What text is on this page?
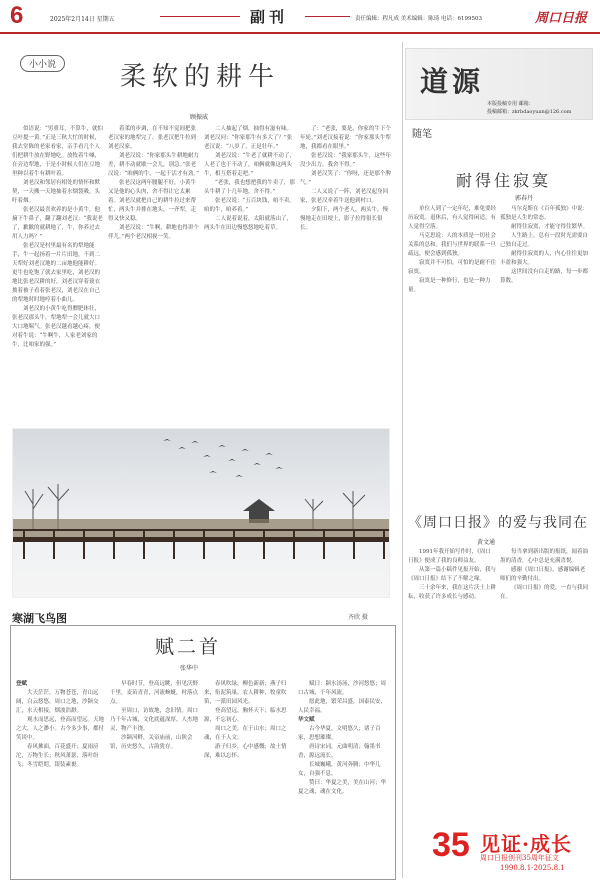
6	2025年2月14日 星期五	副刊	责任编辑：程凡成 美术编辑：陈琦 电话：6199503	周口日报
小小说	柔软的耕牛
顾振威

似语说：“男重耳，不算牛，就怕豆叶提一黄。”正是三秋大忙的时候，我去堂陈的老家看家，亲手看几个人们把耕牛放在野地吃。放牧着牛嗓，在旁边犁地，于是小时候人们在豆地里种以着牛有耕叶着。

刘老汉和邻居有相处的情怀和默契，一天搬一天地抽着水烟袋吸，头吁着烟。

张老汉最喜欢养的是小黄牛，他摘下牛鼻子，翻了翻刘老汉：“我说老了，歉歉的就耕地了，牛，你养过去用人力吗？”

张老汉是村里最有名的犁地能手，牛一起扬着一片片田地，不到二天犁好刘老汉地的二亩地他能耕好。更牛也吃饱了就去家里吃，刘老汉的地比张老汉耕的好，刘老汉穿着蓑衣披着被子看着张老汉，刘老汉在自己的犁地时时地哼着小曲儿。

刘老汉的小黄牛吃得膘肥体壮，张老汉那头牛，犁地犁一会儿就大口大口地喘气。张老汉越看越心疼，便对着牛说：“牛啊牛，人家老刘家的牛，比咱家的强。”

着柔的步调，在不知不觉间把张老汉家的地犁完了。张老汉把牛拉到刘老汉家。

刘老汉说：“你家那头牛耕地耐力差，耕不动就歇一会儿，别急。”张老汉说：“咱俩的牛，一起干活才有劲。”

张老汉这两年腰腿不好，小黄牛又是他的心头肉，舍不得让它太累着。刘老汉就把自己的耕牛拉过来帮忙，两头牛并排在地头，一齐犁，走得又快又稳。

刘老汉说：“牛啊，耕地也得讲个伴儿。”两个老汉相视一笑。

二人抽起了烟，抽得有滋有味。刘老汉问：“你家那牛有多大了？”张老汉说：“八岁了，正是壮年。”

刘老汉说：“牛老了就耕不动了，人老了也干不动了，咱俩就像这两头牛，相互搭着走吧。”

“老张，我也想把我的牛卖了，那头牛耕了十几年地，舍不得。”

张老汉说：“五百块钱，咱不卖。咱的牛，咱养着。”

二人说着说着，太阳就落山了，两头牛在田边慢悠悠地吃着草。

了：“老张，要是，你家的牛下个年轮。”刘老汉接着说：“你家那头牛犁地，我都看在眼里。”

张老汉说：“我家那头牛，这些年没少出力，我舍不得。”

刘老汉笑了：“你呀，还是那个脾气。”

二人又说了一阵，刘老汉起身回家，张老汉牵着牛送他到村口。

夕阳下，两个老人，两头牛，慢慢地走在田埂上，影子拉得很长很长。

寒湖飞鸟图	齐欣 摄
赋二首
张华中
登赋

大天茫茫，万物苍苍，青山远阔，白云悠悠。周口之地，沙颍交汇，水天相接，烟波浩渺。

观水而思远，登高而望远。天地之大，人之渺小。古今多少事，都付笑谈中。

春风拂面，百花盛开；夏雨滂沱，万物生长；秋风萧瑟，落叶纷飞；冬雪皑皑，银装素裹。

早春时节，登高远眺，但见沃野千里，麦苗青青，河流蜿蜒，村落点点。

至周口，访故地，念旧情。周口乃千年古城，文化底蕴深厚，人杰地灵，物产丰饶。

沙颍河畔，关帝庙前，山陕会馆，历史悠久，古韵犹存。

春风吹绿，柳色新新；燕子归来，衔泥筑巢。农人耕种，牧童吹笛，一派田园风光。

登高望远，胸怀天下；临水思源，不忘初心。

周口之美，在于山水；周口之魂，在于人文。

游子归乡，心中感慨；故土情深，难以忘怀。

赋曰：颍水汤汤，沙河悠悠；周口古城，千年风流。

愿此地，繁荣昌盛，国泰民安，人民幸福。

华文赋

古今华夏，文明悠久；诸子百家，思想璀璨。

唐诗宋词，元曲明清；翰墨书香，源远流长。

长城巍峨，黄河奔腾；中华儿女，自强不息。

赞曰：华夏之美，美在山河；华夏之魂，魂在文化。

道源
本版投稿专用 邮箱：
投稿邮箱：zkrbdaoyuan@126.com
随笔
耐得住寂寞
郭春丹

单位人到了一定年纪，难免要经历寂寞。退休后，有人觉得闲适，有人觉得空落。

马克思说：人的本质是一切社会关系的总和。我们与世界的联系一旦疏远，便会感到孤独。

寂寞并不可怕，可怕的是耐不住寂寞。

寂寞是一种修行，也是一种力量。

马尔克斯在《百年孤独》中说：孤独是人生的常态。

耐得住寂寞，才能守得住繁华。

人生路上，总有一段时光需要自己独自走过。

耐得住寂寞的人，内心往往更加丰盈和强大。

这世间没有白走的路，每一步都算数。

《周口日报》的爱与我同在
黄文通

1991年我开始写作时，《周口日报》便成了我的良师益友。

从第一篇小稿件见报开始，我与《周口日报》结下了不解之缘。

三十余年来，我在这片沃土上耕耘，收获了许多成长与感动。

每当拿到新出版的报纸，闻着油墨的清香，心中总是充满喜悦。

感谢《周口日报》，感谢编辑老师们的辛勤付出。

《周口日报》的爱，一直与我同在。

35 见证·成长
周口日报创刊35周年征文
1990.8.1-2025.8.1
